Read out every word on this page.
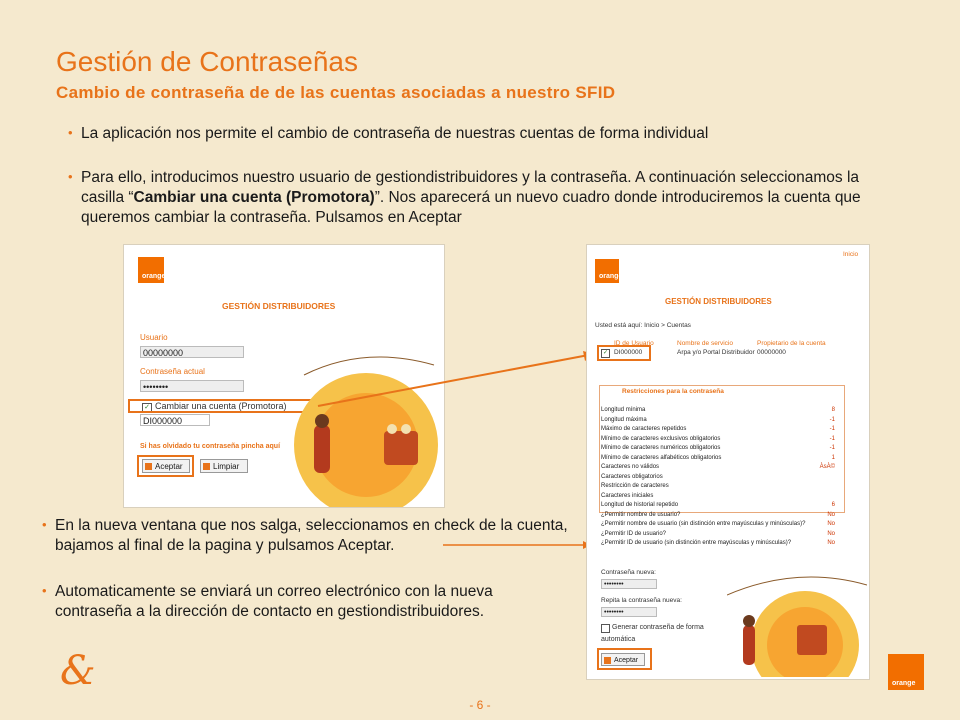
Gestión de Contraseñas
Cambio de contraseña de de las cuentas asociadas a nuestro SFID
• La aplicación nos permite el cambio de contraseña de nuestras cuentas de forma individual
• Para ello, introducimos nuestro usuario de gestiondistribuidores y la contraseña. A continuación seleccionamos la casilla “Cambiar una cuenta (Promotora)”. Nos aparecerá un nuevo cuadro donde introduciremos la cuenta que queremos cambiar la contraseña. Pulsamos en Aceptar
orange
GESTIÓN DISTRIBUIDORES
Usuario
00000000
Contraseña actual
••••••••
✓ Cambiar una cuenta (Promotora)
DI000000
Si has olvidado tu contraseña pincha aquí
Aceptar	Limpiar
orange
Inicio
GESTIÓN DISTRIBUIDORES
Usted está aquí: Inicio > Cuentas
ID de Usuario	Nombre de servicio	Propietario de la cuenta
✓ DI000000	Arpa y/o Portal Distribuidor 00000000
Restricciones para la contraseña
Longitud mínima	8
Longitud máxima	-1
Máximo de caracteres repetidos	-1
Mínimo de caracteres exclusivos obligatorios	-1
Mínimo de caracteres numéricos obligatorios	-1
Mínimo de caracteres alfabéticos obligatorios	1
Caracteres no válidos	ÀsÀ©
Caracteres obligatorios
Restricción de caracteres
Caracteres iniciales
Longitud de historial repetido	6
¿Permitir nombre de usuario?	No
¿Permitir nombre de usuario (sin distinción entre mayúsculas y minúsculas)?	No
¿Permitir ID de usuario?	No
¿Permitir ID de usuario (sin distinción entre mayúsculas y minúsculas)?	No
Contraseña nueva:
••••••••
Repita la contraseña nueva:
••••••••
Generar contraseña de forma
automática
Aceptar
• En la nueva ventana que nos salga, seleccionamos en check de la cuenta, bajamos al final de la pagina y pulsamos Aceptar.
• Automaticamente se enviará un correo electrónico con la nueva contraseña a la dirección de contacto en gestiondistribuidores.
&
- 6 -
orange
